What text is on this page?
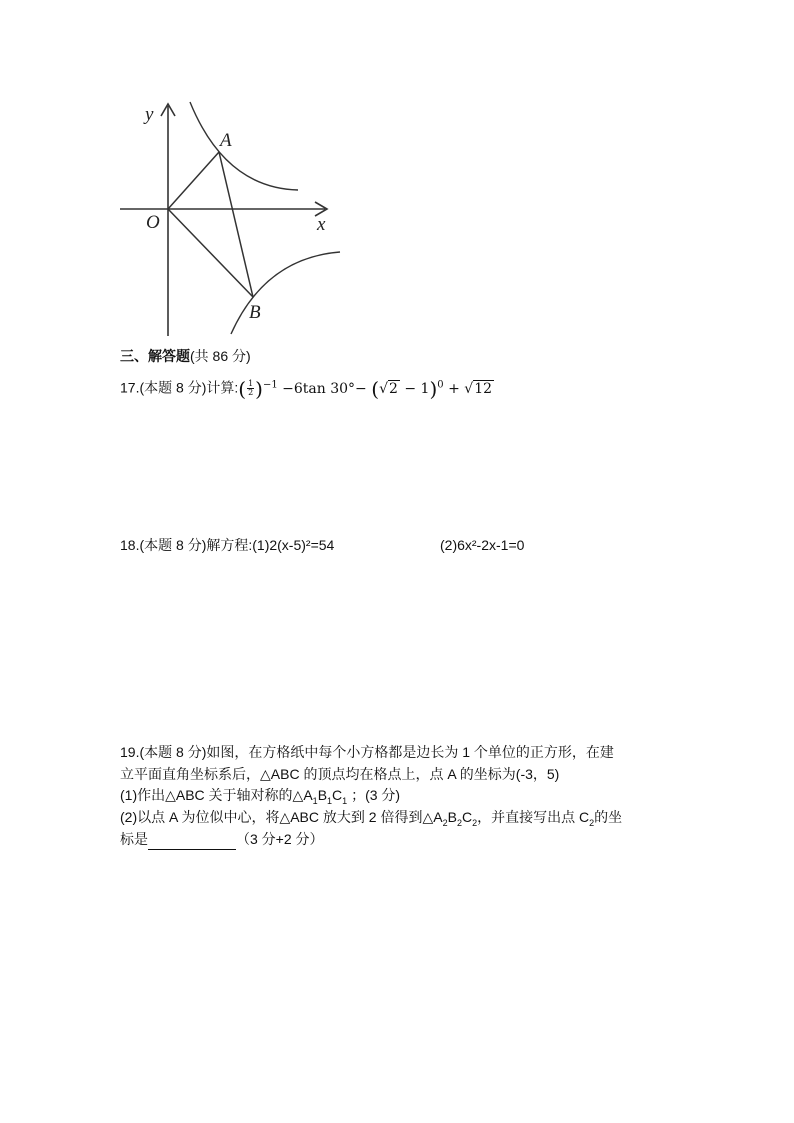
y
x
O
A
B
三、解答题(共 86 分)
17.(本题 8 分)计算:( $\frac{1}{2} )^{-1} -6\tan$ $30^\circ- (√2 - 1)^0 + √12$
18.(本题 8 分)解方程:(1)2(x-5)²=54	(2)6x²-2x-1=0
19.(本题 8 分)如图，在方格纸中每个小方格都是边长为 1 个单位的正方形，在建
立平面直角坐标系后，△ABC 的顶点均在格点上，点 A 的坐标为(-3，5)
(1)作出△ABC 关于轴对称的$\triangle A_1B_1C_1$ ；(3 分)
(2)以点 A 为位似中心，将△ABC 放大到 2 倍得到$\triangle A_2B_2C_2$，并直接写出点 $C_2$的坐
标是	（3 分+2 分）
